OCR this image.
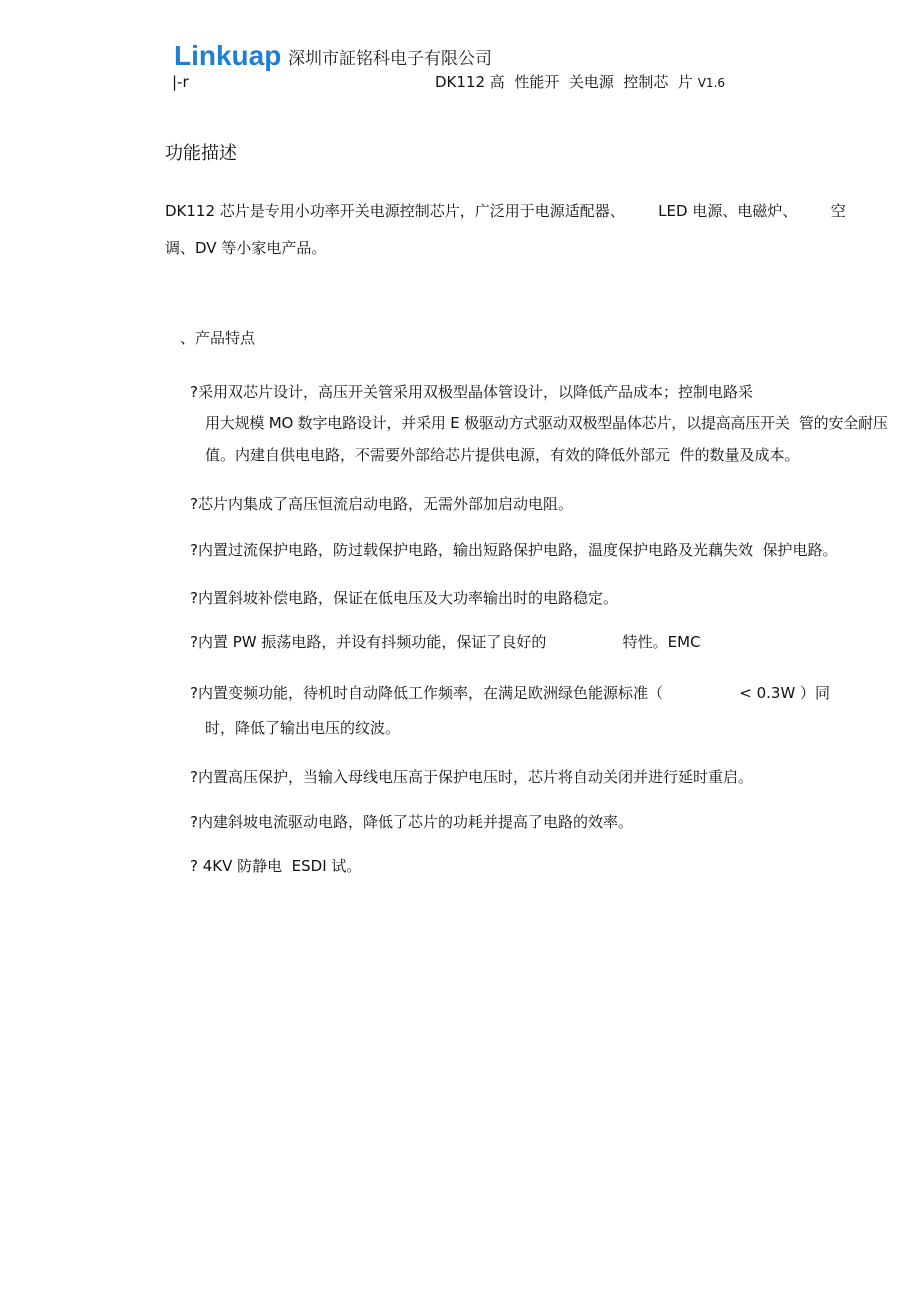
Linkuap 深圳市証铭科电子有限公司
|-r	DK112 高  性能开  关电源  控制芯  片 V1.6
功能描述
DK112 芯片是专用小功率开关电源控制芯片，广泛用于电源适配器、       LED 电源、电磁炉、       空
调、DV 等小家电产品。
、产品特点
?采用双芯片设计，高压开关管采用双极型晶体管设计，以降低产品成本；控制电路采
用大规模 MO 数字电路设计，并采用 E 极驱动方式驱动双极型晶体芯片，以提高高压开关  管的安全耐压
值。内建自供电电路，不需要外部给芯片提供电源，有效的降低外部元  件的数量及成本。
?芯片内集成了高压恒流启动电路，无需外部加启动电阻。
?内置过流保护电路，防过载保护电路，输出短路保护电路，温度保护电路及光藕失效  保护电路。
?内置斜坡补偿电路，保证在低电压及大功率输出时的电路稳定。
?内置 PW 振荡电路，并设有抖频功能，保证了良好的                特性。EMC
?内置变频功能，待机时自动降低工作频率，在满足欧洲绿色能源标准（                < 0.3W ）同
时，降低了输出电压的纹波。
?内置高压保护，当输入母线电压高于保护电压时，芯片将自动关闭并进行延时重启。
?内建斜坡电流驱动电路，降低了芯片的功耗并提高了电路的效率。
? 4KV 防静电  ESDI 试。
